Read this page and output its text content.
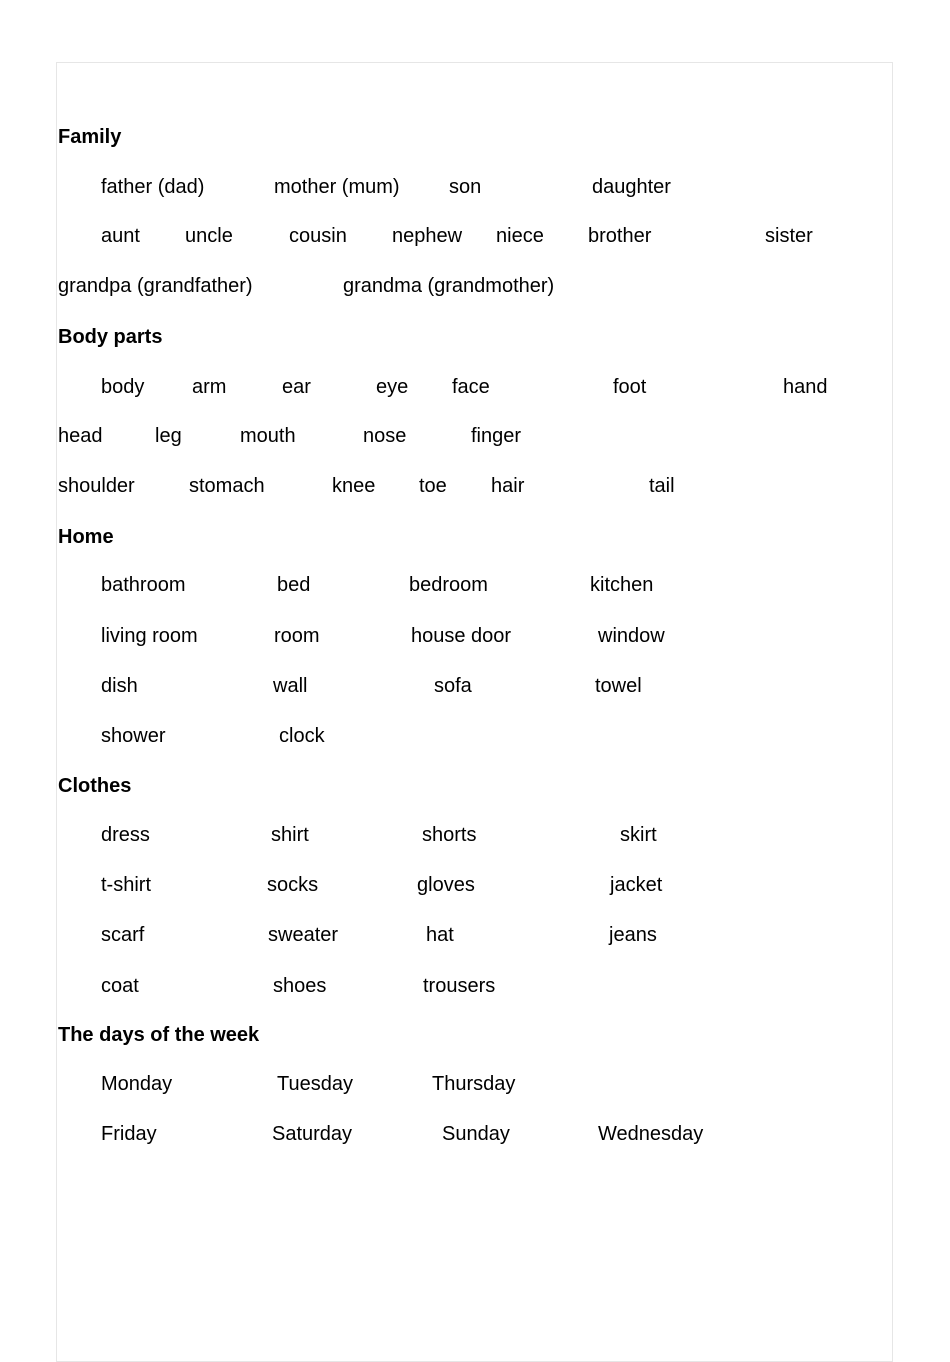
Family
father (dad)	mother (mum) son	daughter
aunt uncle	cousin nephew niece brother	sister
grandpa (grandfather)	grandma (grandmother)
Body parts
body arm	ear	eye face	foot	hand
head	leg	mouth	nose	finger
shoulder	stomach	knee toe hair	tail
Home
bathroom	bed	bedroom	kitchen
living room	room	house door	window
dish	wall	sofa	towel
shower	clock
Clothes
dress	shirt	shorts	skirt
t-shirt	socks	gloves	jacket
scarf	sweater	hat	jeans
coat	shoes	trousers
The days of the week
Monday	Tuesday	Thursday
Friday	Saturday	Sunday	Wednesday
